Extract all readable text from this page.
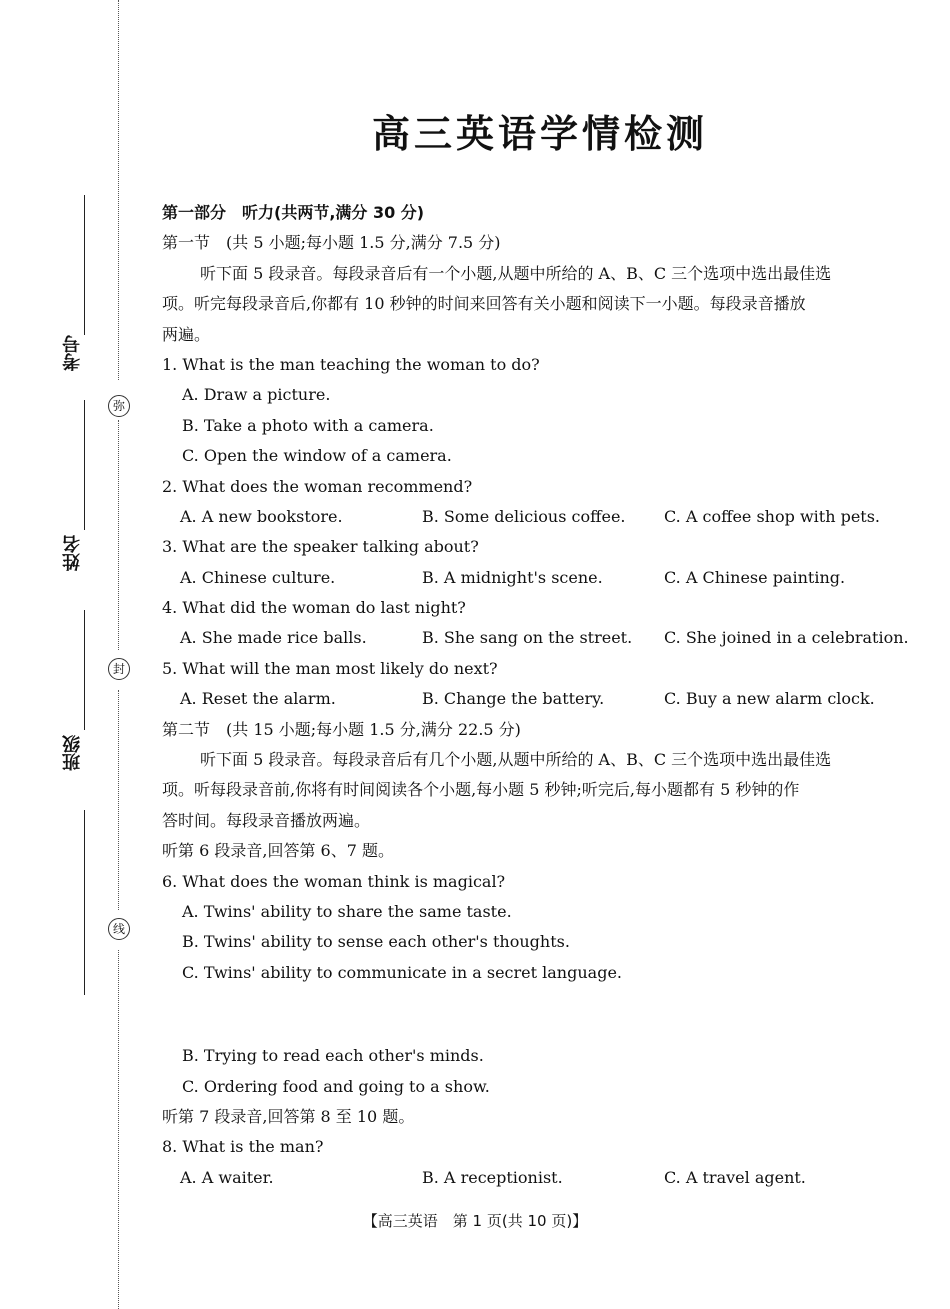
弥
封
线
考号
姓名
班级
高三英语学情检测
第一部分　听力(共两节,满分 30 分)
第一节　(共 5 小题;每小题 1.5 分,满分 7.5 分)
听下面 5 段录音。每段录音后有一个小题,从题中所给的 A、B、C 三个选项中选出最佳选
项。听完每段录音后,你都有 10 秒钟的时间来回答有关小题和阅读下一小题。每段录音播放
两遍。
1. What is the man teaching the woman to do?
A. Draw a picture.
B. Take a photo with a camera.
C. Open the window of a camera.
2. What does the woman recommend?
A. A new bookstore.	B. Some delicious coffee.	C. A coffee shop with pets.
3. What are the speaker talking about?
A. Chinese culture.	B. A midnight's scene.	C. A Chinese painting.
4. What did the woman do last night?
A. She made rice balls.	B. She sang on the street.	C. She joined in a celebration.
5. What will the man most likely do next?
A. Reset the alarm.	B. Change the battery.	C. Buy a new alarm clock.
第二节　(共 15 小题;每小题 1.5 分,满分 22.5 分)
听下面 5 段录音。每段录音后有几个小题,从题中所给的 A、B、C 三个选项中选出最佳选
项。听每段录音前,你将有时间阅读各个小题,每小题 5 秒钟;听完后,每小题都有 5 秒钟的作
答时间。每段录音播放两遍。
听第 6 段录音,回答第 6、7 题。
6. What does the woman think is magical?
A. Twins' ability to share the same taste.
B. Twins' ability to sense each other's thoughts.
C. Twins' ability to communicate in a secret language.
B. Trying to read each other's minds.
C. Ordering food and going to a show.
听第 7 段录音,回答第 8 至 10 题。
8. What is the man?
A. A waiter.	B. A receptionist.	C. A travel agent.
【高三英语　第 1 页(共 10 页)】
